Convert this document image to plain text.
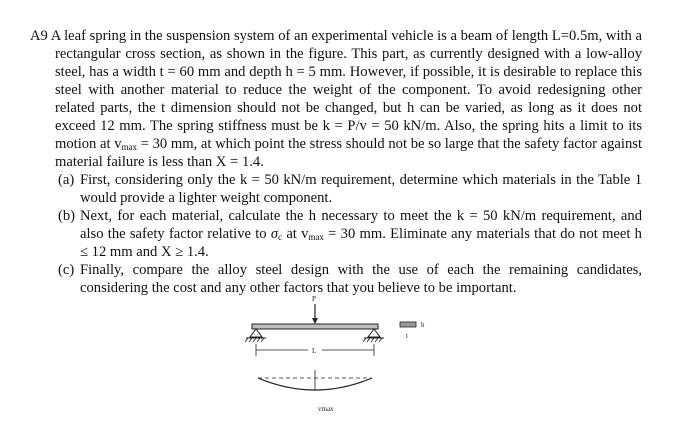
A9 A leaf spring in the suspension system of an experimental vehicle is a beam of length L=0.5m, with a rectangular cross section, as shown in the figure. This part, as currently designed with a low-alloy steel, has a width t = 60 mm and depth h = 5 mm. However, if possible, it is desirable to replace this steel with another material to reduce the weight of the component. To avoid redesigning other related parts, the t dimension should not be changed, but h can be varied, as long as it does not exceed 12 mm. The spring stiffness must be k = P/v = 50 kN/m. Also, the spring hits a limit to its motion at $v_{max} = 30$ mm, at which point the stress should not be so large that the safety factor against material failure is less than X = 1.4.

(a) First, considering only the k = 50 kN/m requirement, determine which materials in the Table 1 would provide a lighter weight component.

(b) Next, for each material, calculate the h necessary to meet the k = 50 kN/m requirement, and also the safety factor relative to $\sigma_c$ at $v_{max} = 30$ mm. Eliminate any materials that do not meet h ≤ 12 mm and X ≥ 1.4.

(c) Finally, compare the alloy steel design with the use of each the remaining candidates, considering the cost and any other factors that you believe to be important.

P
L
vmax
h
t
